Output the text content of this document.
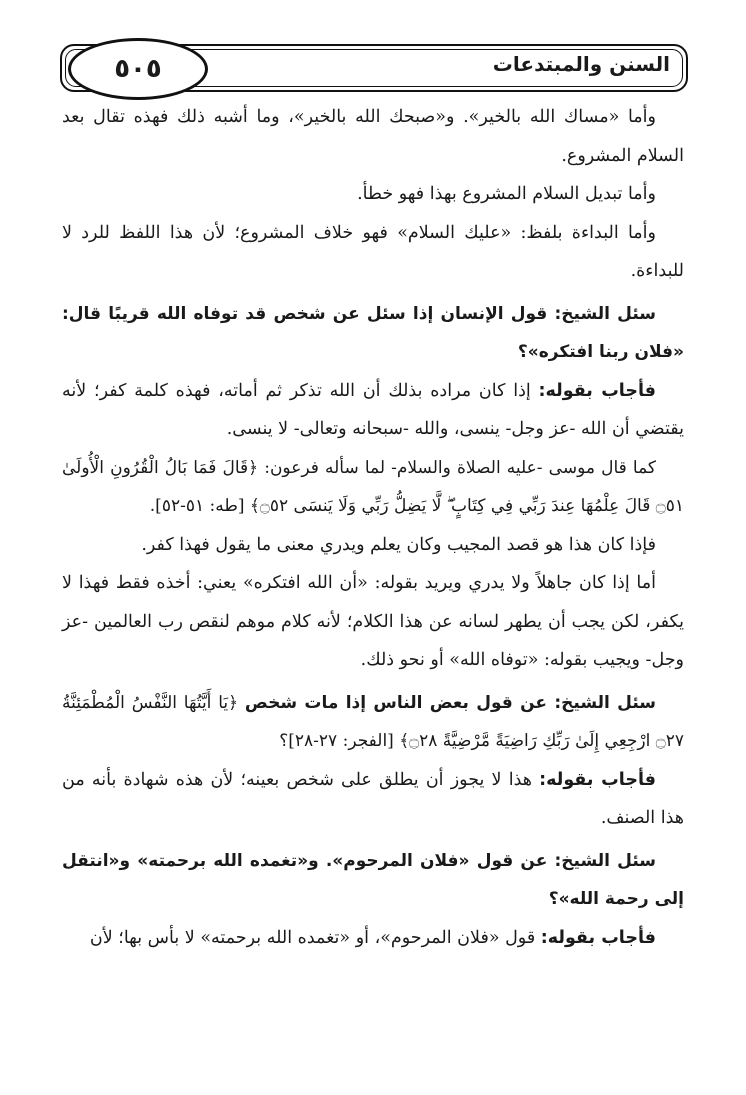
٥٠٥	السنن والمبتدعات

وأما «مساك الله بالخير». و«صبحك الله بالخير»، وما أشبه ذلك فهذه تقال بعد السلام المشروع.

وأما تبديل السلام المشروع بهذا فهو خطأ.

وأما البداءة بلفظ: «عليك السلام» فهو خلاف المشروع؛ لأن هذا اللفظ للرد لا للبداءة.

سئل الشيخ: قول الإنسان إذا سئل عن شخص قد توفاه الله قريبًا قال: «فلان ربنا افتكره»؟

فأجاب بقوله: إذا كان مراده بذلك أن الله تذكر ثم أماته، فهذه كلمة كفر؛ لأنه يقتضي أن الله -عز وجل- ينسى، والله -سبحانه وتعالى- لا ينسى.

كما قال موسى -عليه الصلاة والسلام- لما سأله فرعون: ﴿قَالَ فَمَا بَالُ الْقُرُونِ الْأُولَىٰ ۝٥١ قَالَ عِلْمُهَا عِندَ رَبِّي فِي كِتَابٍ ۖ لَّا يَضِلُّ رَبِّي وَلَا يَنسَى ۝٥٢﴾ [طه: ٥١-٥٢].

فإذا كان هذا هو قصد المجيب وكان يعلم ويدري معنى ما يقول فهذا كفر.

أما إذا كان جاهلاً ولا يدري ويريد بقوله: «أن الله افتكره» يعني: أخذه فقط فهذا لا يكفر، لكن يجب أن يطهر لسانه عن هذا الكلام؛ لأنه كلام موهم لنقص رب العالمين -عز وجل- ويجيب بقوله: «توفاه الله» أو نحو ذلك.

سئل الشيخ: عن قول بعض الناس إذا مات شخص ﴿يَا أَيَّتُهَا النَّفْسُ الْمُطْمَئِنَّةُ ۝٢٧ ارْجِعِي إِلَىٰ رَبِّكِ رَاضِيَةً مَّرْضِيَّةً ۝٢٨﴾ [الفجر: ٢٧-٢٨]؟

فأجاب بقوله: هذا لا يجوز أن يطلق على شخص بعينه؛ لأن هذه شهادة بأنه من هذا الصنف.

سئل الشيخ: عن قول «فلان المرحوم». و«تغمده الله برحمته» و«انتقل إلى رحمة الله»؟

فأجاب بقوله: قول «فلان المرحوم»، أو «تغمده الله برحمته» لا بأس بها؛ لأن
